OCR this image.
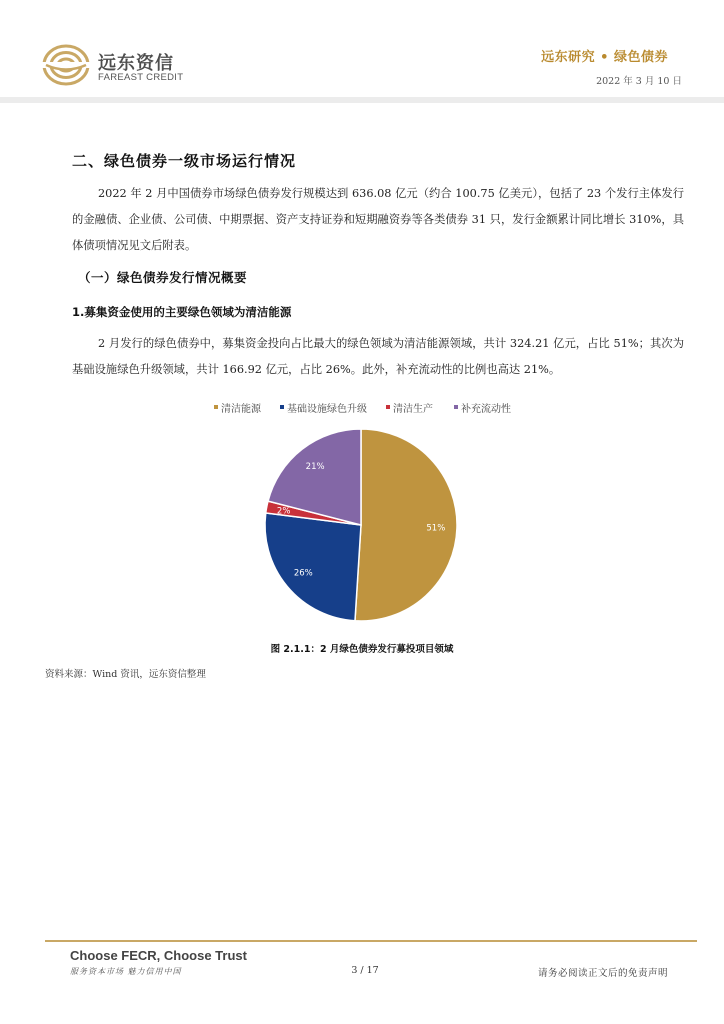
远东资信
FAREAST CREDIT
远东研究 • 绿色债券
2022 年 3 月 10 日
二、绿色债券一级市场运行情况
2022 年 2 月中国债券市场绿色债券发行规模达到 636.08 亿元（约合 100.75 亿美元），包括了 23 个发行主体发行的金融债、企业债、公司债、中期票据、资产支持证券和短期融资券等各类债券 31 只，发行金额累计同比增长 310%，具体债项情况见文后附表。
（一）绿色债券发行情况概要
1.募集资金使用的主要绿色领域为清洁能源
2 月发行的绿色债券中，募集资金投向占比最大的绿色领域为清洁能源领域，共计 324.21 亿元，占比 51%；其次为基础设施绿色升级领域，共计 166.92 亿元，占比 26%。此外，补充流动性的比例也高达 21%。
清洁能源	基础设施绿色升级	清洁生产	补充流动性
51%
26%
2%
21%
图 2.1.1：2 月绿色债券发行募投项目领域
资料来源：Wind 资讯，远东资信整理
Choose FECR, Choose Trust
服务资本市场 魅力信用中国	3 / 17	请务必阅读正文后的免责声明
